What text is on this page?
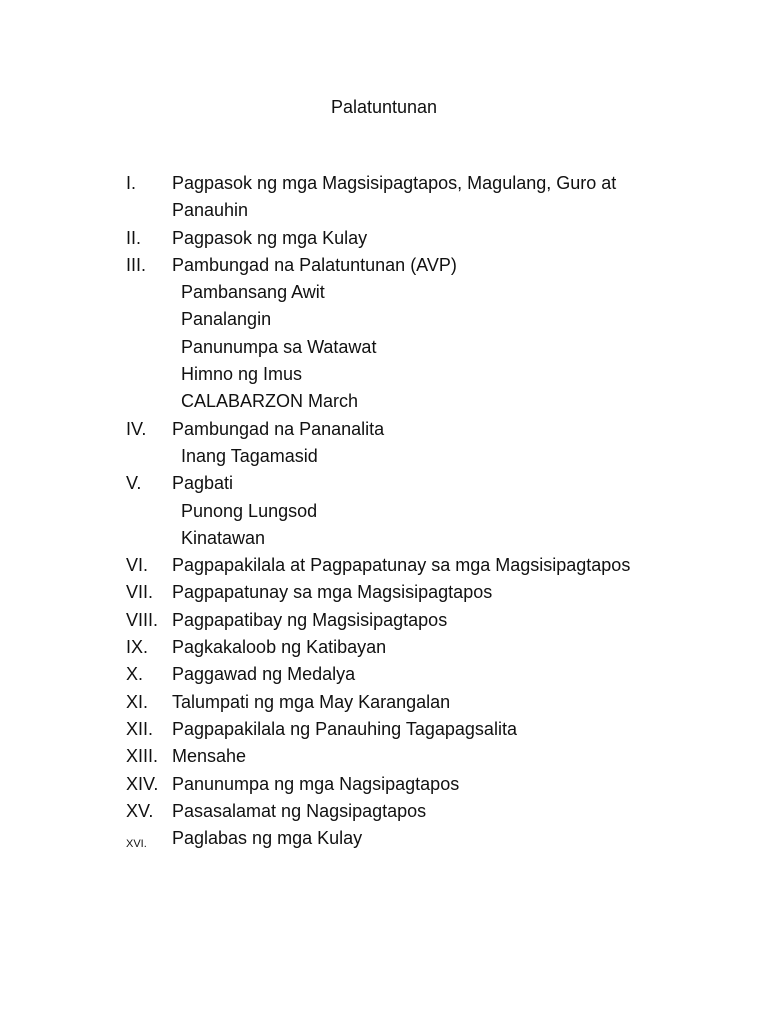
Palatuntunan
I. Pagpasok ng mga Magsisipagtapos, Magulang, Guro at
Panauhin
II. Pagpasok ng mga Kulay
III. Pambungad na Palatuntunan (AVP)
Pambansang Awit
Panalangin
Panunumpa sa Watawat
Himno ng Imus
CALABARZON March
IV. Pambungad na Pananalita
Inang Tagamasid
V. Pagbati
Punong Lungsod
Kinatawan
VI. Pagpapakilala at Pagpapatunay sa mga Magsisipagtapos
VII. Pagpapatunay sa mga Magsisipagtapos
VIII. Pagpapatibay ng Magsisipagtapos
IX. Pagkakaloob ng Katibayan
X. Paggawad ng Medalya
XI. Talumpati ng mga May Karangalan
XII. Pagpapakilala ng Panauhing Tagapagsalita
XIII. Mensahe
XIV. Panunumpa ng mga Nagsipagtapos
XV. Pasasalamat ng Nagsipagtapos
XVI. Paglabas ng mga Kulay
